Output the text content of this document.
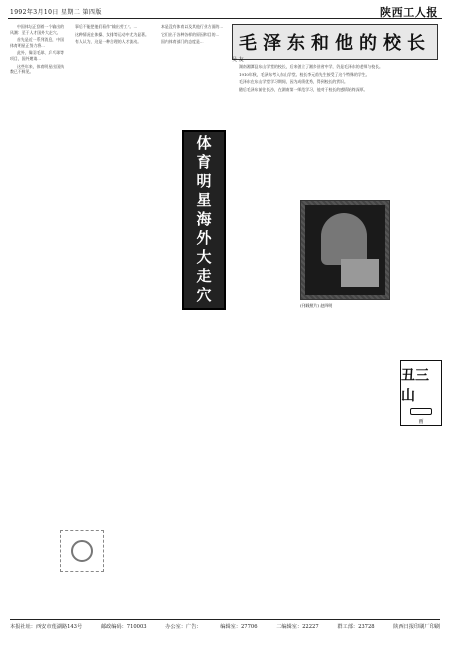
1992年3月10日 星期二 第四版	陕西工人报

中国体坛正刮着一个输出的风潮：至于人才国外大走穴。

首先是近一系列消息，中国体育明星正努力将...

此外，像羽毛球、乒乓球等项目，国外邀请...

这些年来，体育明星出国执教已不鲜见。

事后不能把他们看作“输出劳工”。...

这种情况在体操、女排等运动中尤为显著。

有人认为，这是一种合理的人才流动。

本是没有体育以及其他行业方面的...

它们出于各种各样的原因和目的...

国内体育部门的态度是...

体育明星海外大走穴
毛泽东和他的校长
吴 友

湖南湘潭县东山学堂的校长，后来创立了湘乡驻省中学，仍是毛泽东的老师与校长。

1910年秋，毛泽东考入东山学堂。校长李元甫先生接受了这个特殊的学生。

毛泽东在东山学堂学习期间，因为成绩优秀，得到校长的赏识。

随后毛泽东前往长沙，在湖南第一师范学习，他对于校长的感情始终深厚。

(刊载照片) 赵四明
丑三山
画
本报社址：西安市莲湖路143号	邮政编码：710003	办公室：广告：	编辑室：27706	二编辑室：22227	群工部：23728	陕西日报印刷厂印刷
